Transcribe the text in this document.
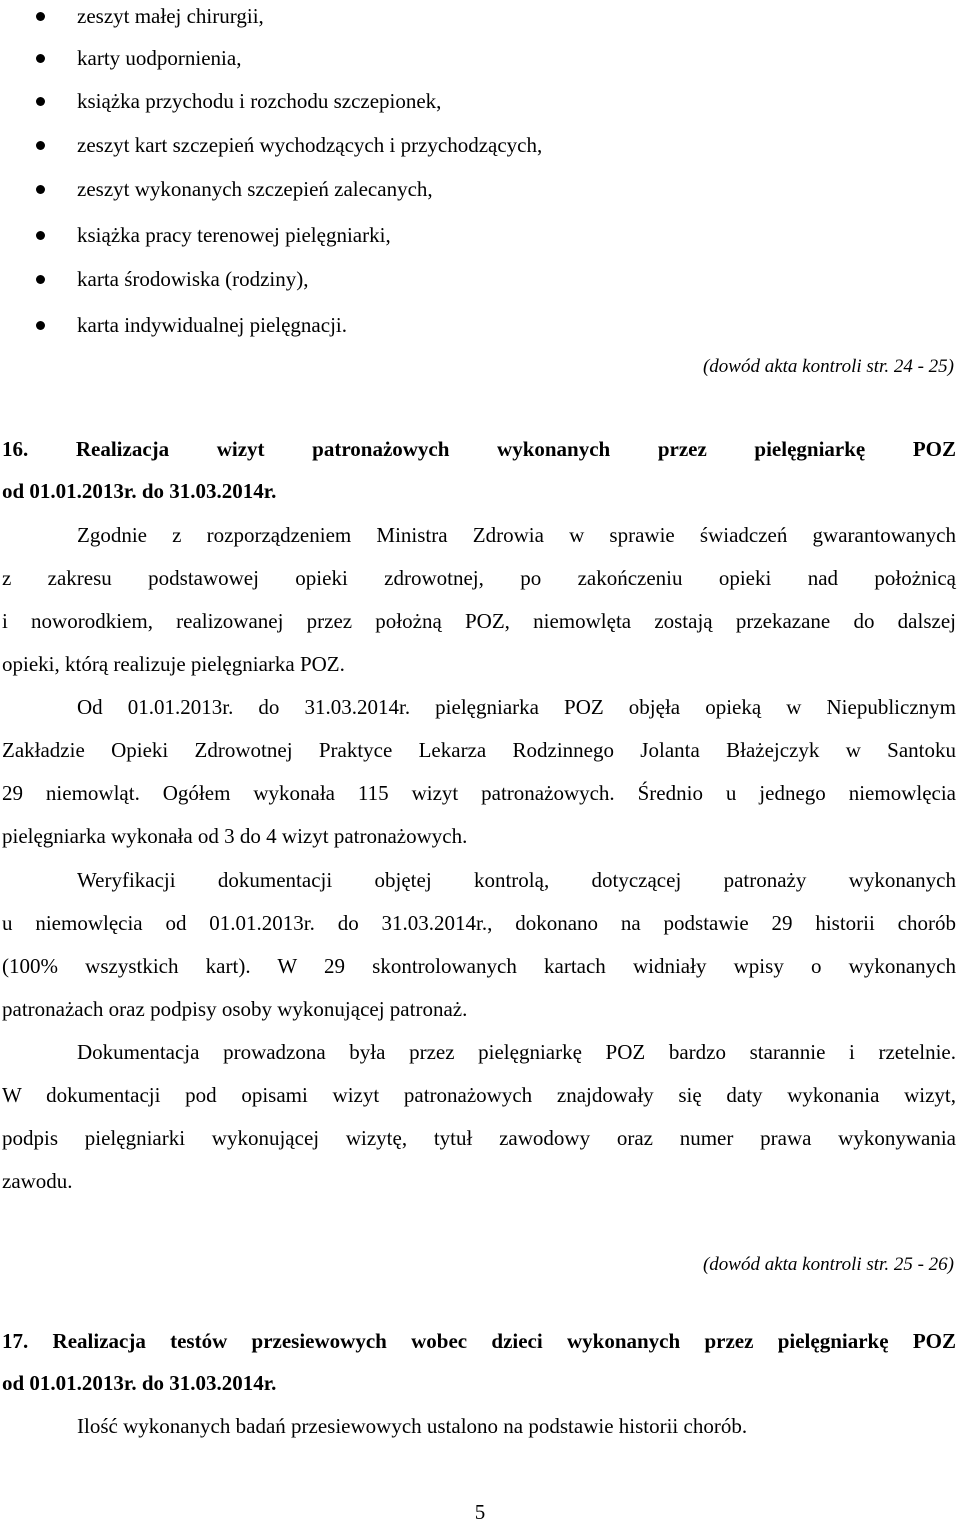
zeszyt małej chirurgii,
karty uodpornienia,
książka przychodu i rozchodu szczepionek,
zeszyt kart szczepień wychodzących i przychodzących,
zeszyt wykonanych szczepień zalecanych,
książka pracy terenowej pielęgniarki,
karta środowiska (rodziny),
karta indywidualnej pielęgnacji.
(dowód akta kontroli str. 24 - 25)
16. Realizacja wizyt patronażowych wykonanych przez pielęgniarkę POZ
od 01.01.2013r. do 31.03.2014r.
Zgodnie z rozporządzeniem Ministra Zdrowia w sprawie świadczeń gwarantowanych
z zakresu podstawowej opieki zdrowotnej, po zakończeniu opieki nad położnicą
i noworodkiem, realizowanej przez położną POZ, niemowlęta zostają przekazane do dalszej
opieki, którą realizuje pielęgniarka POZ.
Od 01.01.2013r. do 31.03.2014r. pielęgniarka POZ objęła opieką w Niepublicznym
Zakładzie Opieki Zdrowotnej Praktyce Lekarza Rodzinnego Jolanta Błażejczyk w Santoku
29 niemowląt. Ogółem wykonała 115 wizyt patronażowych. Średnio u jednego niemowlęcia
pielęgniarka wykonała od 3 do 4 wizyt patronażowych.
Weryfikacji dokumentacji objętej kontrolą, dotyczącej patronaży wykonanych
u niemowlęcia od 01.01.2013r. do 31.03.2014r., dokonano na podstawie 29 historii chorób
(100% wszystkich kart). W 29 skontrolowanych kartach widniały wpisy o wykonanych
patronażach oraz podpisy osoby wykonującej patronaż.
Dokumentacja prowadzona była przez pielęgniarkę POZ bardzo starannie i rzetelnie.
W dokumentacji pod opisami wizyt patronażowych znajdowały się daty wykonania wizyt,
podpis pielęgniarki wykonującej wizytę, tytuł zawodowy oraz numer prawa wykonywania
zawodu.
(dowód akta kontroli str. 25 - 26)
17. Realizacja testów przesiewowych wobec dzieci wykonanych przez pielęgniarkę POZ
od 01.01.2013r. do 31.03.2014r.
Ilość wykonanych badań przesiewowych ustalono na podstawie historii chorób.
5
